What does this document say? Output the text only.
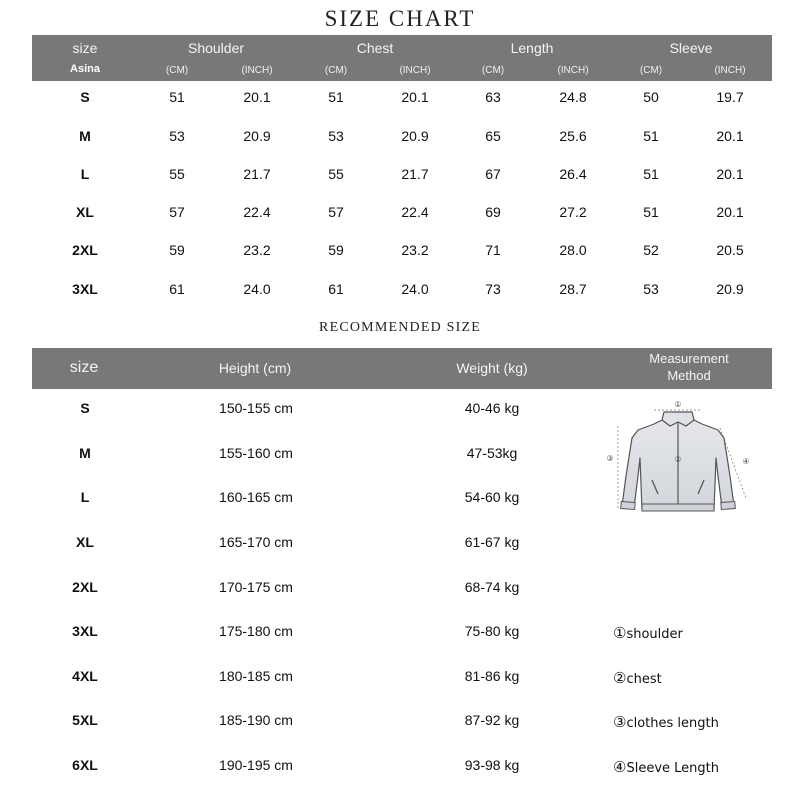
SIZE CHART
size
Asina
Shoulder	Chest	Length	Sleeve
(CM)	(INCH)	(CM)	(INCH)	(CM)	(INCH)	(CM)	(INCH)
S	51	20.1	51	20.1	63	24.8	50	19.7
M	53	20.9	53	20.9	65	25.6	51	20.1
L	55	21.7	55	21.7	67	26.4	51	20.1
XL	57	22.4	57	22.4	69	27.2	51	20.1
2XL	59	23.2	59	23.2	71	28.0	52	20.5
3XL	61	24.0	61	24.0	73	28.7	53	20.9
RECOMMENDED SIZE
size	Height (cm)	Weight (kg)
Measurement
Method
S	150-155 cm	40-46 kg
M	155-160 cm	47-53kg
L	160-165 cm	54-60 kg
XL	165-170 cm	61-67 kg
2XL	170-175 cm	68-74 kg
3XL	175-180 cm	75-80 kg
4XL	180-185 cm	81-86 kg
5XL	185-190 cm	87-92 kg
6XL	190-195 cm	93-98 kg
①
②
③	④
①shoulder
②chest
③clothes length
④Sleeve Length
